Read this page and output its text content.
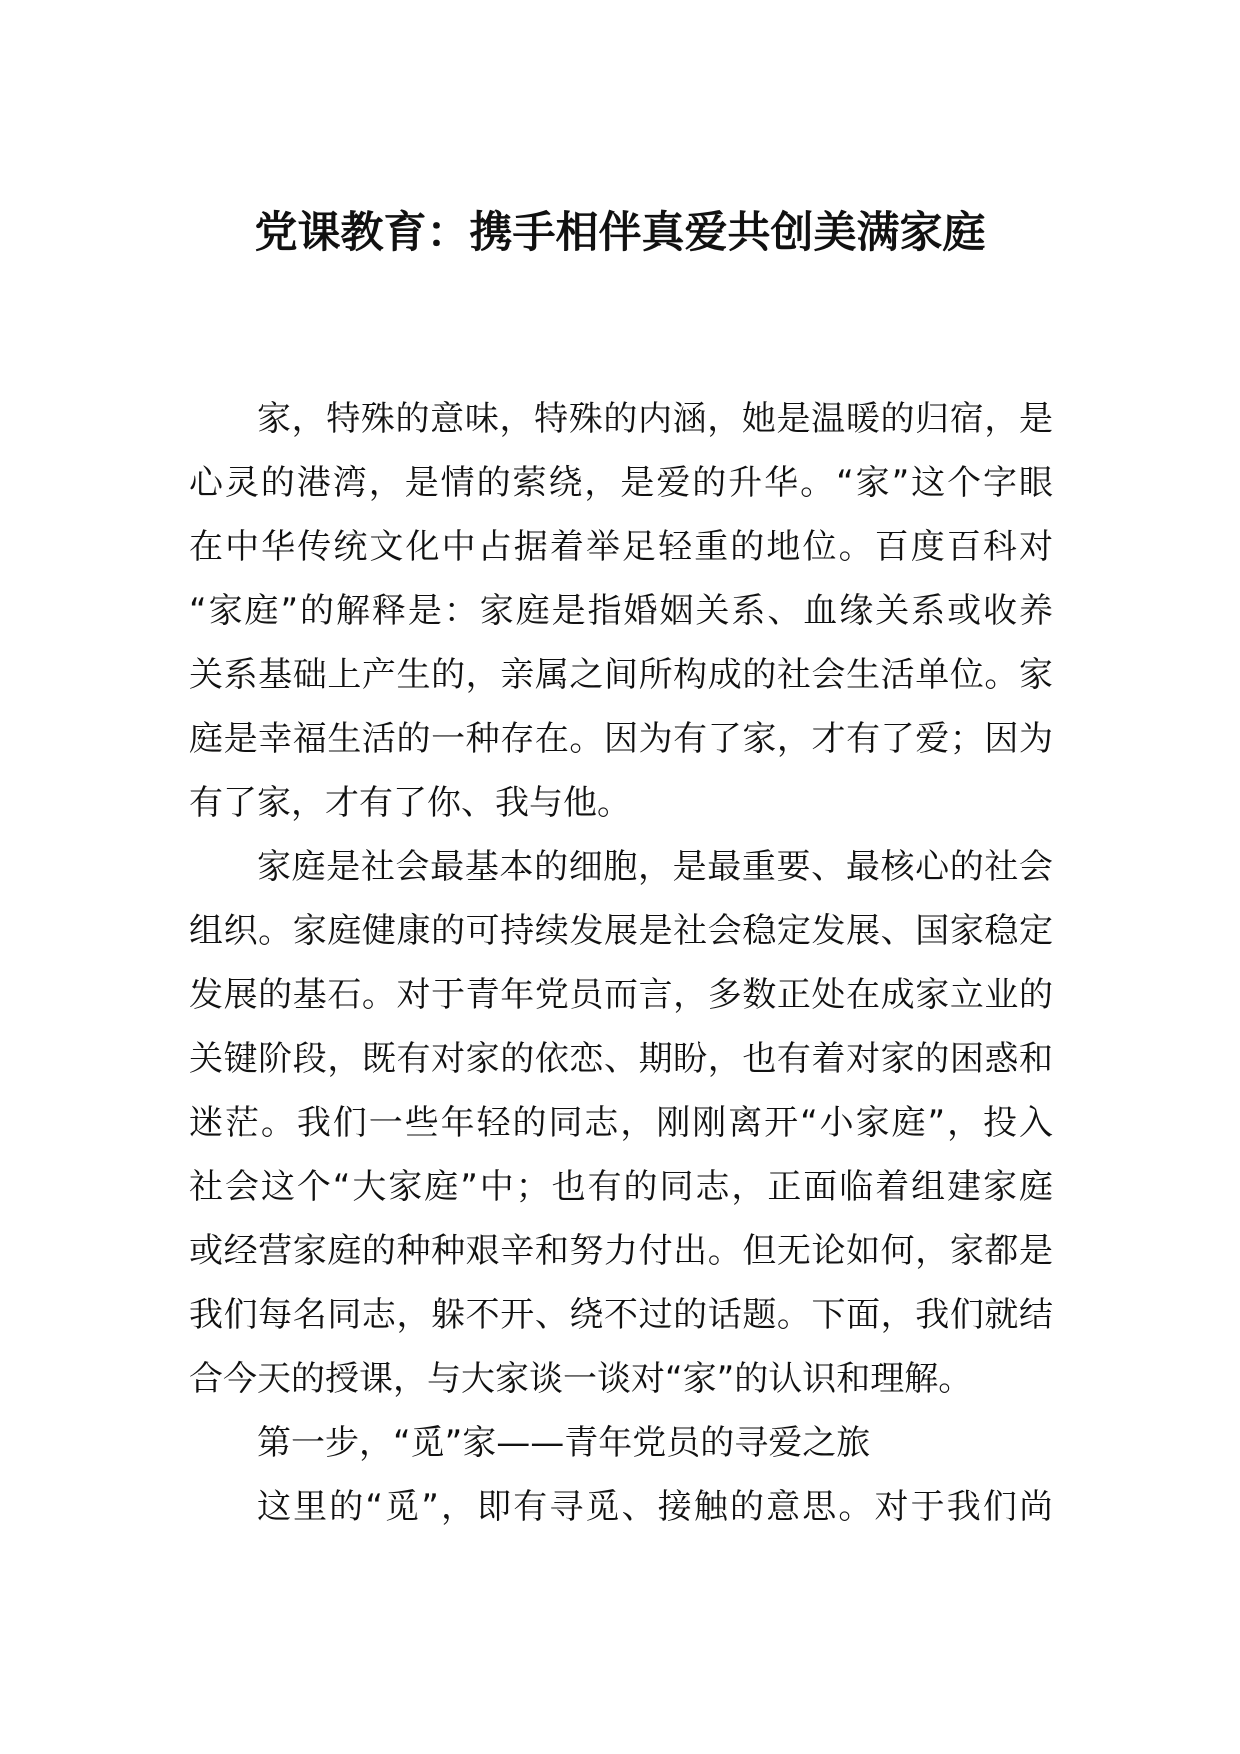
党课教育：携手相伴真爱共创美满家庭
家，特殊的意味，特殊的内涵，她是温暖的归宿，是
心灵的港湾，是情的萦绕，是爱的升华。“家”这个字眼
在中华传统文化中占据着举足轻重的地位。百度百科对
“家庭”的解释是：家庭是指婚姻关系、血缘关系或收养
关系基础上产生的，亲属之间所构成的社会生活单位。家
庭是幸福生活的一种存在。因为有了家，才有了爱；因为
有了家，才有了你、我与他。
家庭是社会最基本的细胞，是最重要、最核心的社会
组织。家庭健康的可持续发展是社会稳定发展、国家稳定
发展的基石。对于青年党员而言，多数正处在成家立业的
关键阶段，既有对家的依恋、期盼，也有着对家的困惑和
迷茫。我们一些年轻的同志，刚刚离开“小家庭”，投入
社会这个“大家庭”中；也有的同志，正面临着组建家庭
或经营家庭的种种艰辛和努力付出。但无论如何，家都是
我们每名同志，躲不开、绕不过的话题。下面，我们就结
合今天的授课，与大家谈一谈对“家”的认识和理解。
第一步，“觅”家——青年党员的寻爱之旅
这里的“觅”，即有寻觅、接触的意思。对于我们尚
